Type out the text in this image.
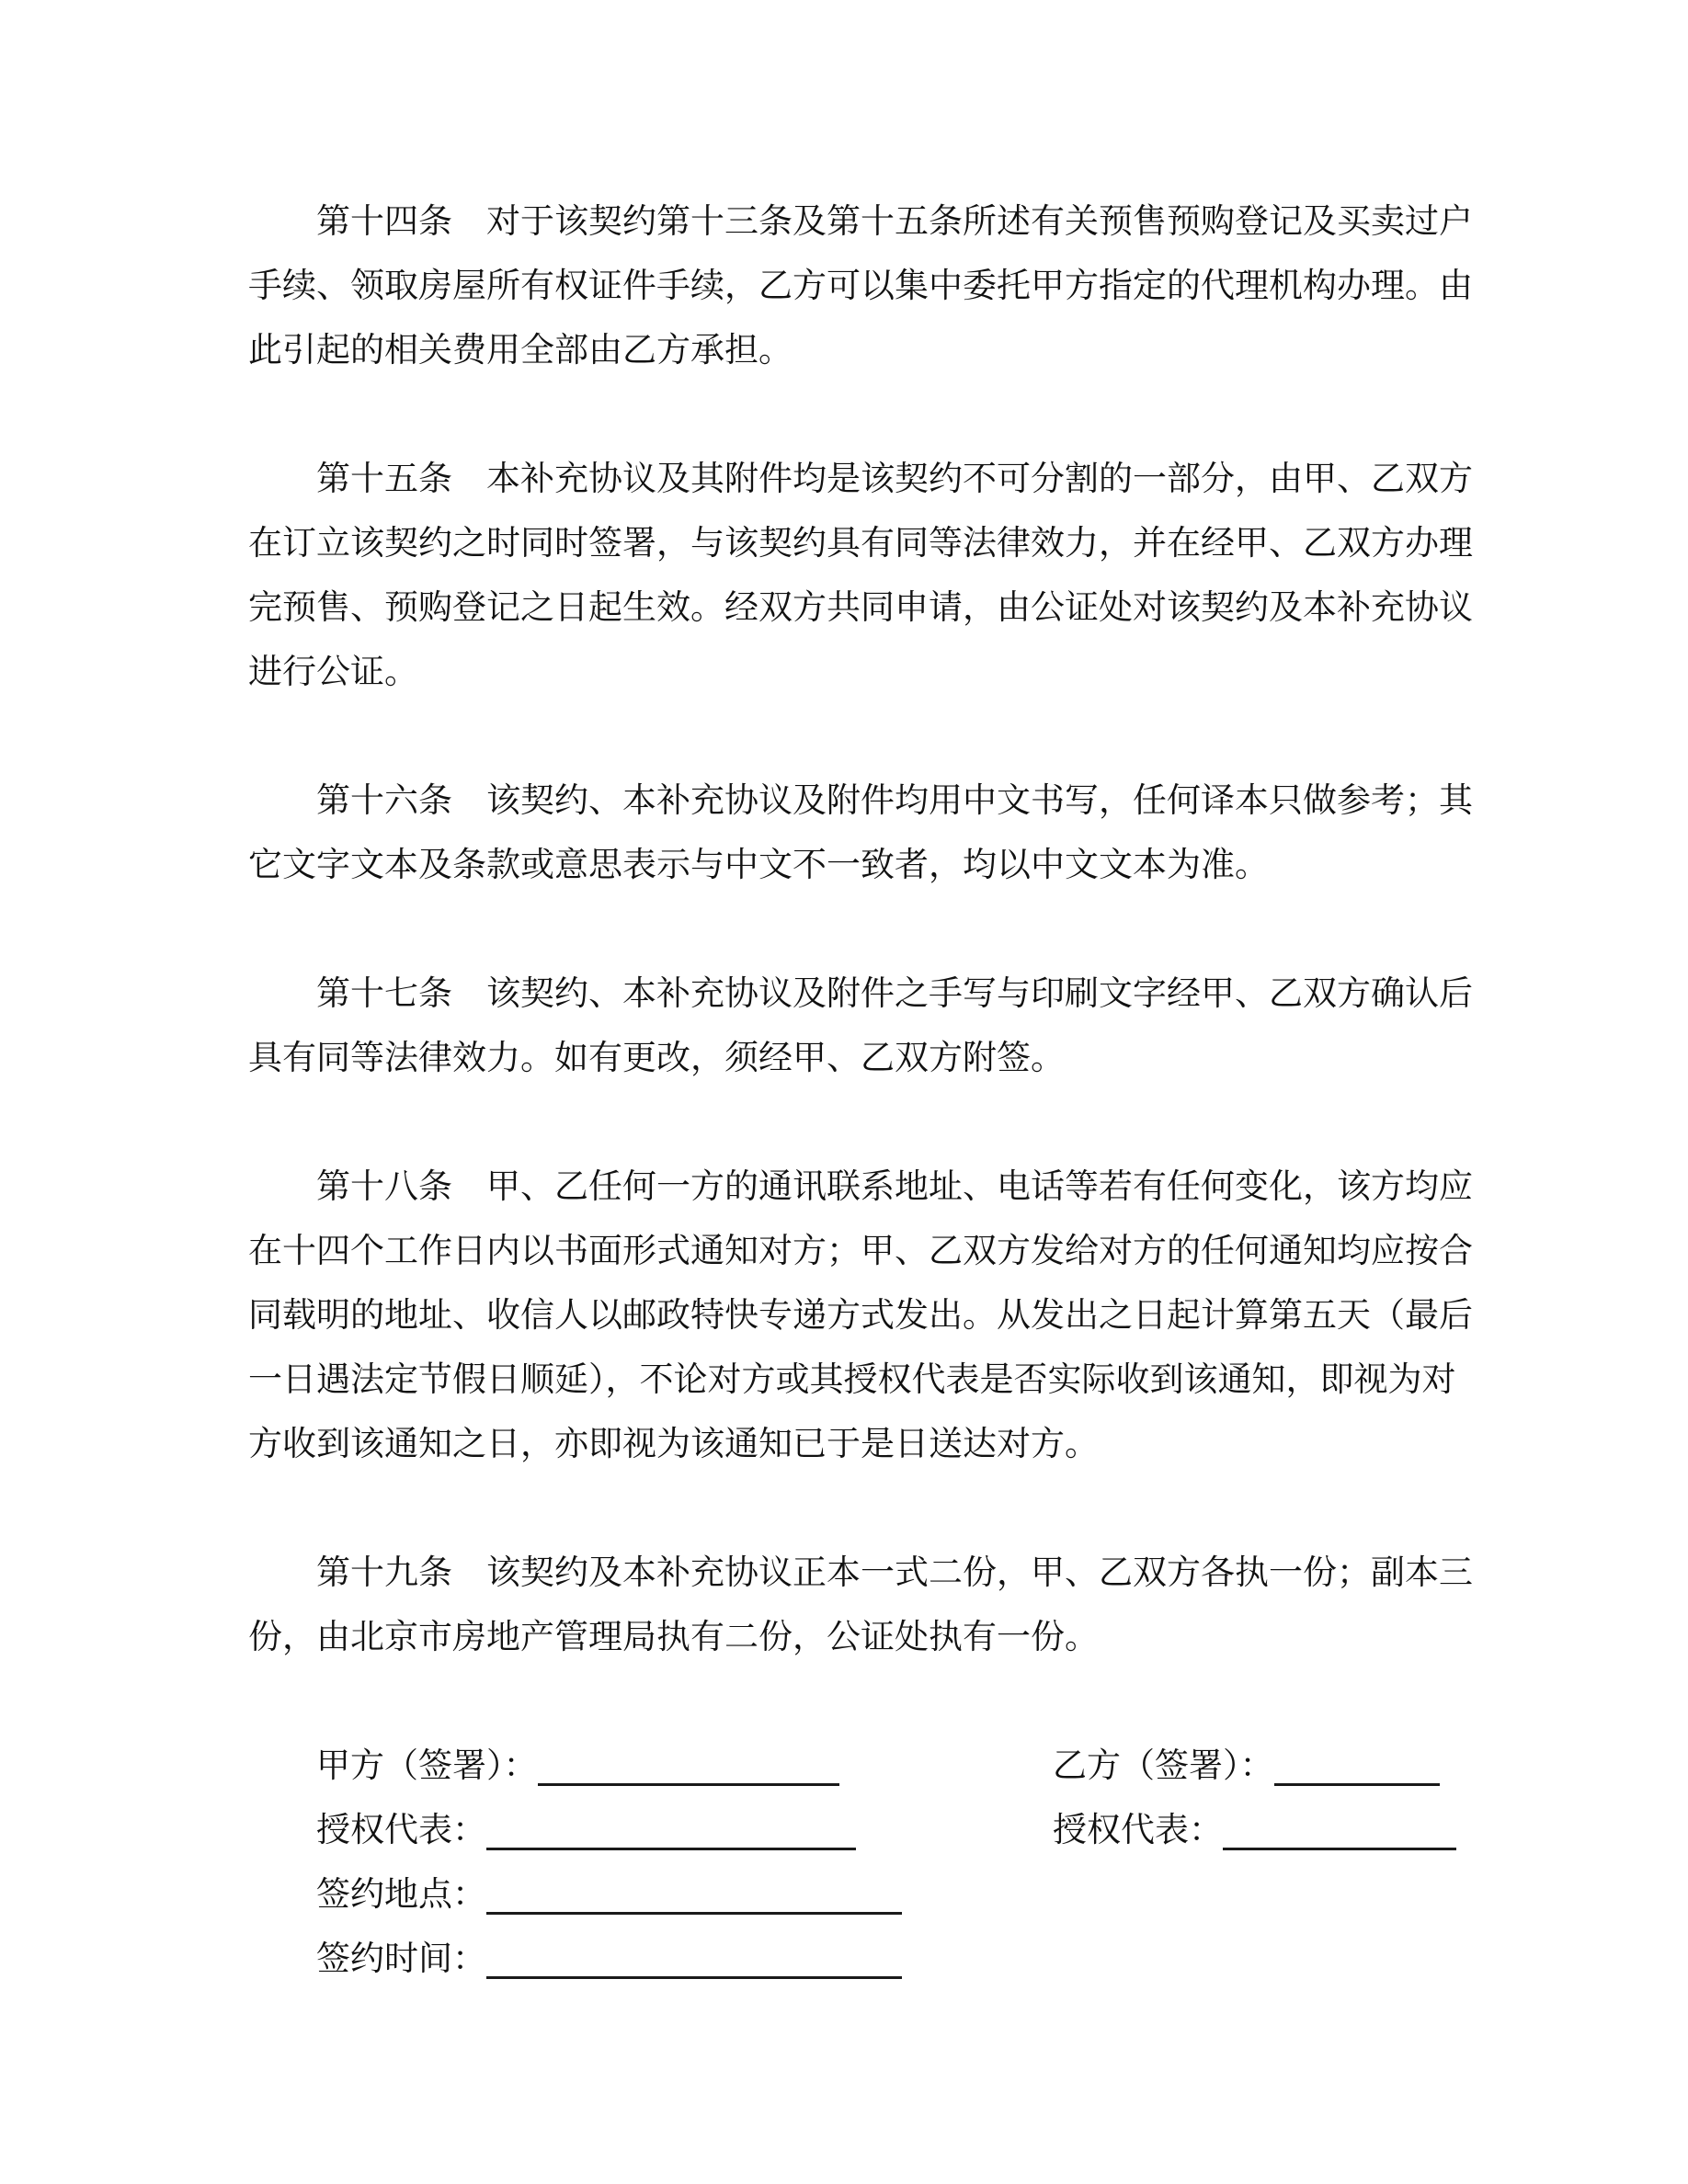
第十四条　对于该契约第十三条及第十五条所述有关预售预购登记及买卖过户
手续、领取房屋所有权证件手续，乙方可以集中委托甲方指定的代理机构办理。由
此引起的相关费用全部由乙方承担。
第十五条　本补充协议及其附件均是该契约不可分割的一部分，由甲、乙双方
在订立该契约之时同时签署，与该契约具有同等法律效力，并在经甲、乙双方办理
完预售、预购登记之日起生效。经双方共同申请，由公证处对该契约及本补充协议
进行公证。
第十六条　该契约、本补充协议及附件均用中文书写，任何译本只做参考；其
它文字文本及条款或意思表示与中文不一致者，均以中文文本为准。
第十七条　该契约、本补充协议及附件之手写与印刷文字经甲、乙双方确认后
具有同等法律效力。如有更改，须经甲、乙双方附签。
第十八条　甲、乙任何一方的通讯联系地址、电话等若有任何变化，该方均应
在十四个工作日内以书面形式通知对方；甲、乙双方发给对方的任何通知均应按合
同载明的地址、收信人以邮政特快专递方式发出。从发出之日起计算第五天（最后
一日遇法定节假日顺延），不论对方或其授权代表是否实际收到该通知，即视为对
方收到该通知之日，亦即视为该通知已于是日送达对方。
第十九条　该契约及本补充协议正本一式二份，甲、乙双方各执一份；副本三
份，由北京市房地产管理局执有二份，公证处执有一份。
甲方（签署）：	乙方（签署）：
授权代表：	授权代表：
签约地点：
签约时间：
